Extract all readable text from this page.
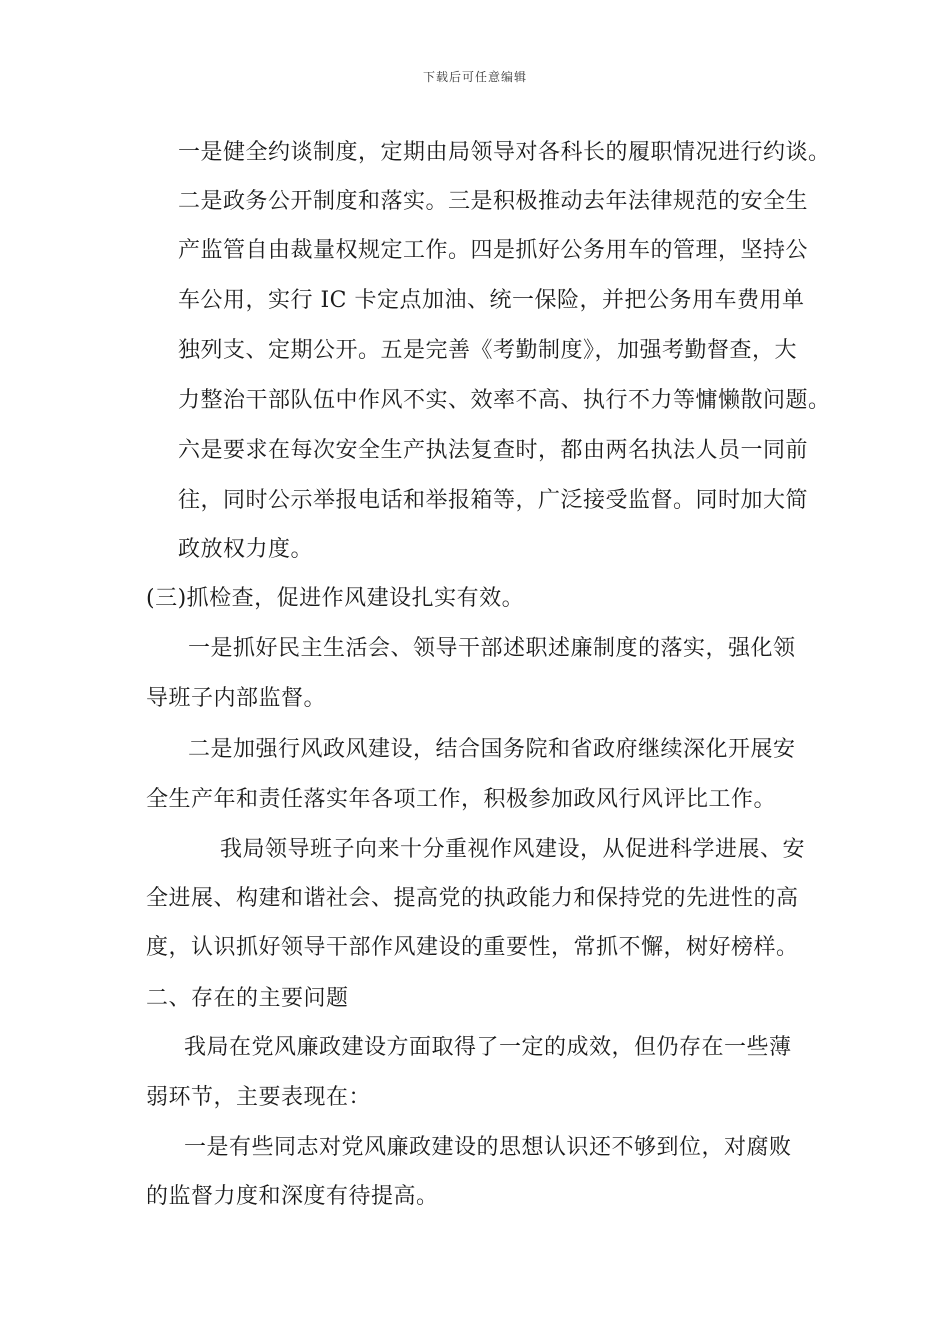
下载后可任意编辑
一是健全约谈制度，定期由局领导对各科长的履职情况进行约谈。
二是政务公开制度和落实。三是积极推动去年法律规范的安全生
产监管自由裁量权规定工作。四是抓好公务用车的管理，坚持公
车公用，实行 IC 卡定点加油、统一保险，并把公务用车费用单
独列支、定期公开。五是完善《考勤制度》，加强考勤督查，大
力整治干部队伍中作风不实、效率不高、执行不力等慵懒散问题。
六是要求在每次安全生产执法复查时，都由两名执法人员一同前
往，同时公示举报电话和举报箱等，广泛接受监督。同时加大简
政放权力度。
(三)抓检查，促进作风建设扎实有效。
一是抓好民主生活会、领导干部述职述廉制度的落实，强化领
导班子内部监督。
二是加强行风政风建设，结合国务院和省政府继续深化开展安
全生产年和责任落实年各项工作，积极参加政风行风评比工作。
我局领导班子向来十分重视作风建设，从促进科学进展、安
全进展、构建和谐社会、提高党的执政能力和保持党的先进性的高
度，认识抓好领导干部作风建设的重要性，常抓不懈，树好榜样。
二、存在的主要问题
我局在党风廉政建设方面取得了一定的成效，但仍存在一些薄
弱环节，主要表现在：
一是有些同志对党风廉政建设的思想认识还不够到位，对腐败
的监督力度和深度有待提高。
